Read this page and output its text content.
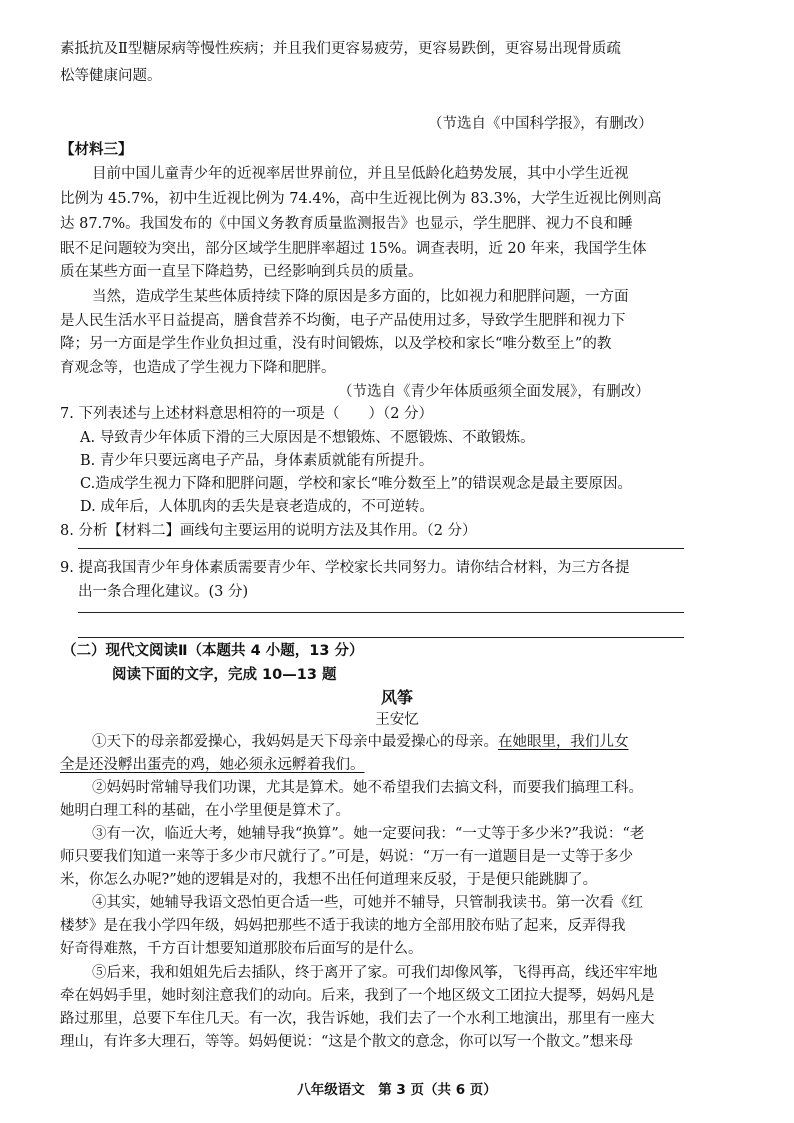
素抵抗及Ⅱ型糖尿病等慢性疾病；并且我们更容易疲劳，更容易跌倒，更容易出现骨质疏
松等健康问题。
（节选自《中国科学报》，有删改）
【材料三】
目前中国儿童青少年的近视率居世界前位，并且呈低龄化趋势发展，其中小学生近视
比例为 45.7%，初中生近视比例为 74.4%，高中生近视比例为 83.3%，大学生近视比例则高
达 87.7%。我国发布的《中国义务教育质量监测报告》也显示，学生肥胖、视力不良和睡
眠不足问题较为突出，部分区域学生肥胖率超过 15%。调查表明，近 20 年来，我国学生体
质在某些方面一直呈下降趋势，已经影响到兵员的质量。
当然，造成学生某些体质持续下降的原因是多方面的，比如视力和肥胖问题，一方面
是人民生活水平日益提高，膳食营养不均衡，电子产品使用过多，导致学生肥胖和视力下
降；另一方面是学生作业负担过重，没有时间锻炼，以及学校和家长“唯分数至上”的教
育观念等，也造成了学生视力下降和肥胖。
（节选自《青少年体质亟须全面发展》，有删改）
7. 下列表述与上述材料意思相符的一项是（　　）（2 分）
A. 导致青少年体质下滑的三大原因是不想锻炼、不愿锻炼、不敢锻炼。
B. 青少年只要远离电子产品，身体素质就能有所提升。
C.造成学生视力下降和肥胖问题，学校和家长“唯分数至上”的错误观念是最主要原因。
D. 成年后，人体肌肉的丢失是衰老造成的，不可逆转。
8. 分析【材料二】画线句主要运用的说明方法及其作用。（2 分）
9. 提高我国青少年身体素质需要青少年、学校家长共同努力。请你结合材料，为三方各提
出一条合理化建议。(3 分)
（二）现代文阅读Ⅱ（本题共 4 小题，13 分）
阅读下面的文字，完成 10—13 题
风筝
王安忆
①天下的母亲都爱操心，我妈妈是天下母亲中最爱操心的母亲。在她眼里，我们儿女
全是还没孵出蛋壳的鸡，她必须永远孵着我们。
②妈妈时常辅导我们功课，尤其是算术。她不希望我们去搞文科，而要我们搞理工科。
她明白理工科的基础，在小学里便是算术了。
③有一次，临近大考，她辅导我“换算”。她一定要问我：“一丈等于多少米?”我说：“老
师只要我们知道一来等于多少市尺就行了。”可是，妈说：“万一有一道题目是一丈等于多少
米，你怎么办呢?”她的逻辑是对的，我想不出任何道理来反驳，于是便只能跳脚了。
④其实，她辅导我语文恐怕更合适一些，可她并不辅导，只管制我读书。第一次看《红
楼梦》是在我小学四年级，妈妈把那些不适于我读的地方全部用胶布贴了起来，反弄得我
好奇得难熬，千方百计想要知道那胶布后面写的是什么。
⑤后来，我和姐姐先后去插队，终于离开了家。可我们却像风筝，飞得再高，线还牢牢地
牵在妈妈手里，她时刻注意我们的动向。后来，我到了一个地区级文工团拉大提琴，妈妈凡是
路过那里，总要下车住几天。有一次，我告诉她，我们去了一个水利工地演出，那里有一座大
理山，有许多大理石，等等。妈妈便说：“这是个散文的意念，你可以写一个散文。”想来母
八年级语文　第 3 页（共 6 页）
